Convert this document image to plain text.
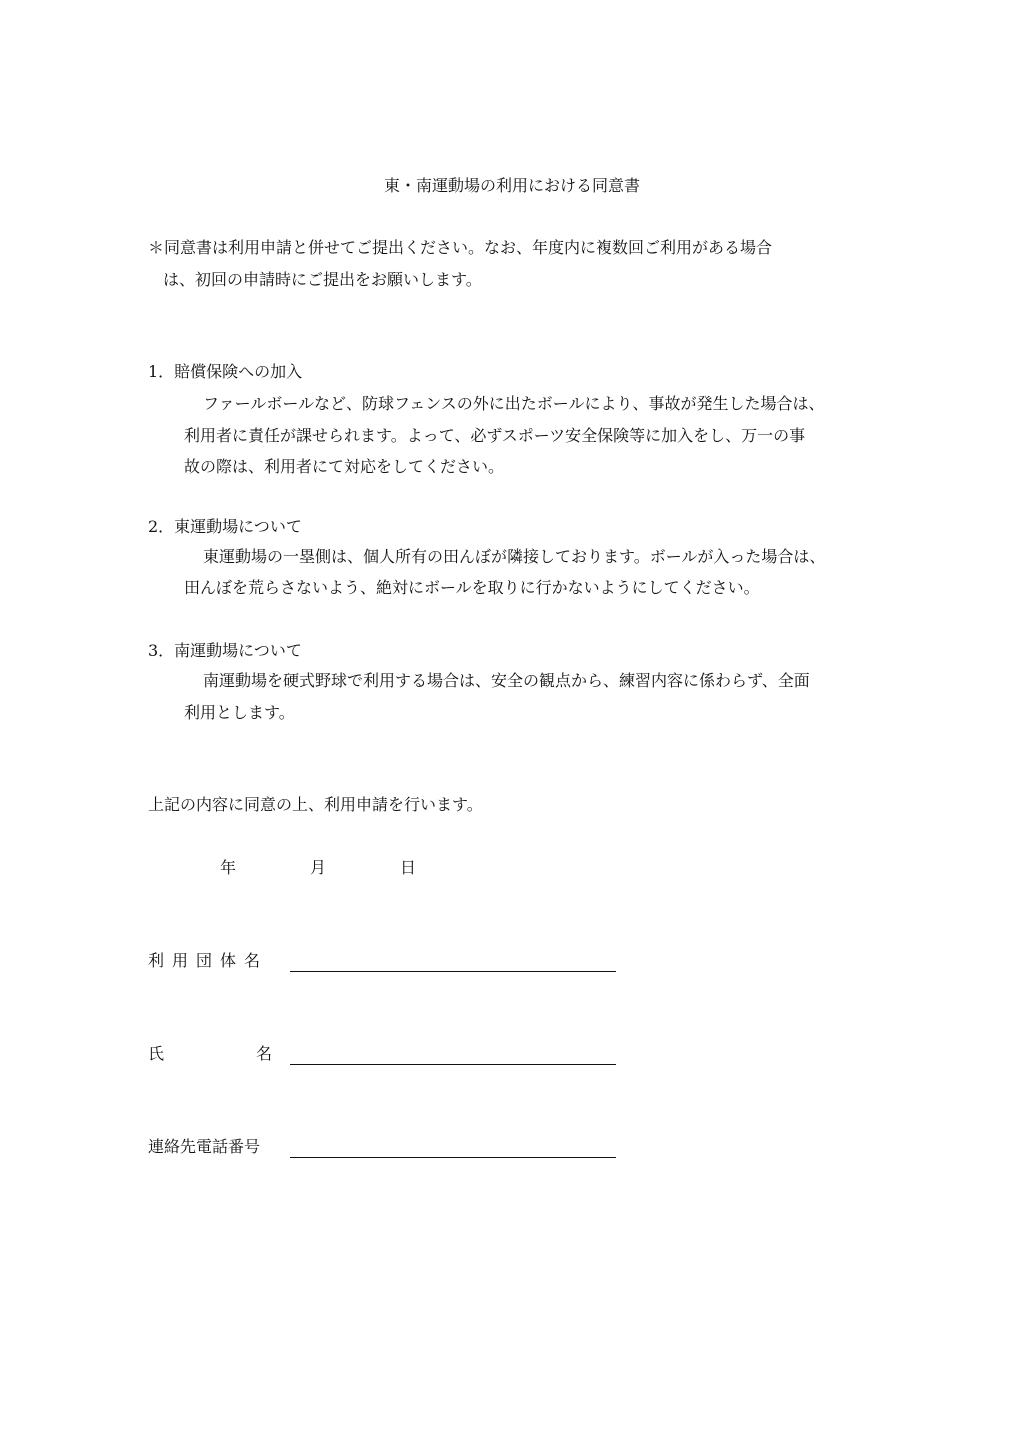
東・南運動場の利用における同意書
＊同意書は利用申請と併せてご提出ください。なお、年度内に複数回ご利用がある場合
は、初回の申請時にご提出をお願いします。
1．賠償保険への加入
ファールボールなど、防球フェンスの外に出たボールにより、事故が発生した場合は、
利用者に責任が課せられます。よって、必ずスポーツ安全保険等に加入をし、万一の事
故の際は、利用者にて対応をしてください。
2．東運動場について
東運動場の一塁側は、個人所有の田んぼが隣接しております。ボールが入った場合は、
田んぼを荒らさないよう、絶対にボールを取りに行かないようにしてください。
3．南運動場について
南運動場を硬式野球で利用する場合は、安全の観点から、練習内容に係わらず、全面
利用とします。
上記の内容に同意の上、利用申請を行います。
年	月	日
利用団体名
氏	名
連絡先電話番号
